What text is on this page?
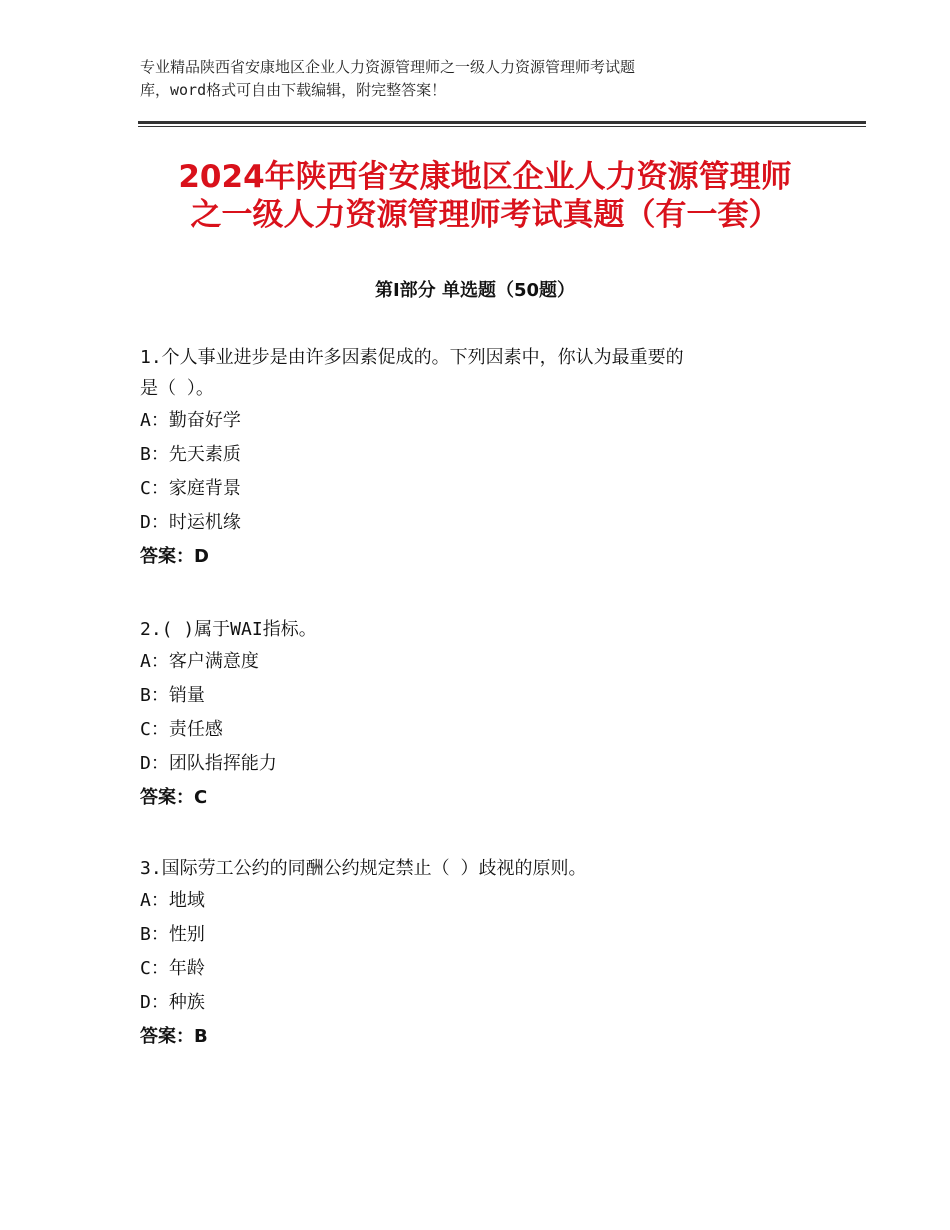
专业精品陕西省安康地区企业人力资源管理师之一级人力资源管理师考试题
库，word格式可自由下载编辑，附完整答案！
2024年陕西省安康地区企业人力资源管理师
之一级人力资源管理师考试真题（有一套）
第Ⅰ部分 单选题（50题）

1.个人事业进步是由许多因素促成的。下列因素中，你认为最重要的

是（ ）。

A：勤奋好学

B：先天素质

C：家庭背景

D：时运机缘

答案：D

2.( )属于WAI指标。

A：客户满意度

B：销量

C：责任感

D：团队指挥能力

答案：C

3.国际劳工公约的同酬公约规定禁止（ ）歧视的原则。

A：地域

B：性别

C：年龄

D：种族

答案：B
